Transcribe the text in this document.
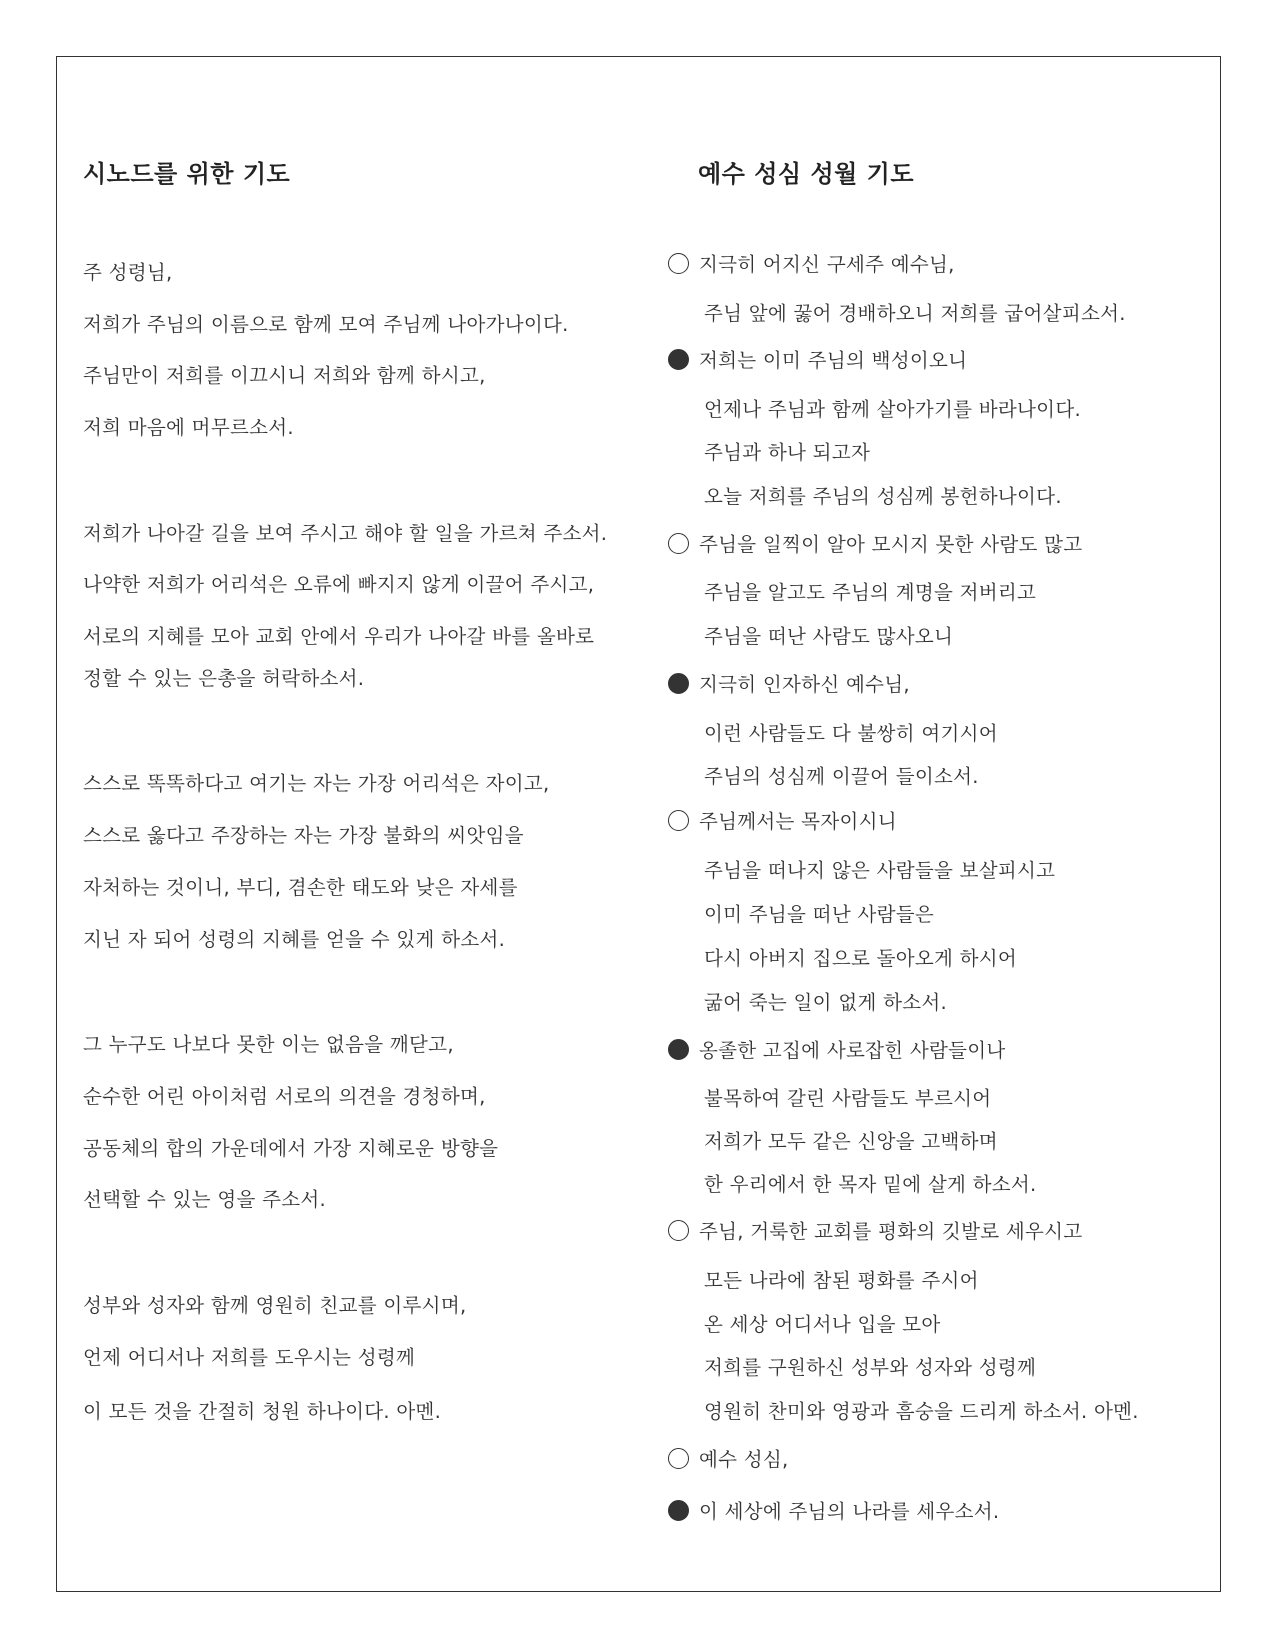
시노드를 위한 기도

주 성령님,

저희가 주님의 이름으로 함께 모여 주님께 나아가나이다.

주님만이 저희를 이끄시니 저희와 함께 하시고,

저희 마음에 머무르소서.

저희가 나아갈 길을 보여 주시고 해야 할 일을 가르쳐 주소서.

나약한 저희가 어리석은 오류에 빠지지 않게 이끌어 주시고,

서로의 지혜를 모아 교회 안에서 우리가 나아갈 바를 올바로

정할 수 있는 은총을 허락하소서.

스스로 똑똑하다고 여기는 자는 가장 어리석은 자이고,

스스로 옳다고 주장하는 자는 가장 불화의 씨앗임을

자처하는 것이니, 부디, 겸손한 태도와 낮은 자세를

지닌 자 되어 성령의 지혜를 얻을 수 있게 하소서.

그 누구도 나보다 못한 이는 없음을 깨닫고,

순수한 어린 아이처럼 서로의 의견을 경청하며,

공동체의 합의 가운데에서 가장 지혜로운 방향을

선택할 수 있는 영을 주소서.

성부와 성자와 함께 영원히 친교를 이루시며,

언제 어디서나 저희를 도우시는 성령께

이 모든 것을 간절히 청원 하나이다. 아멘.

예수 성심 성월 기도

지극히 어지신 구세주 예수님,

주님 앞에 꿇어 경배하오니 저희를 굽어살피소서.

저희는 이미 주님의 백성이오니

언제나 주님과 함께 살아가기를 바라나이다.

주님과 하나 되고자

오늘 저희를 주님의 성심께 봉헌하나이다.

주님을 일찍이 알아 모시지 못한 사람도 많고

주님을 알고도 주님의 계명을 저버리고

주님을 떠난 사람도 많사오니

지극히 인자하신 예수님,

이런 사람들도 다 불쌍히 여기시어

주님의 성심께 이끌어 들이소서.

주님께서는 목자이시니

주님을 떠나지 않은 사람들을 보살피시고

이미 주님을 떠난 사람들은

다시 아버지 집으로 돌아오게 하시어

굶어 죽는 일이 없게 하소서.

옹졸한 고집에 사로잡힌 사람들이나

불목하여 갈린 사람들도 부르시어

저희가 모두 같은 신앙을 고백하며

한 우리에서 한 목자 밑에 살게 하소서.

주님, 거룩한 교회를 평화의 깃발로 세우시고

모든 나라에 참된 평화를 주시어

온 세상 어디서나 입을 모아

저희를 구원하신 성부와 성자와 성령께

영원히 찬미와 영광과 흠숭을 드리게 하소서. 아멘.

예수 성심,

이 세상에 주님의 나라를 세우소서.
